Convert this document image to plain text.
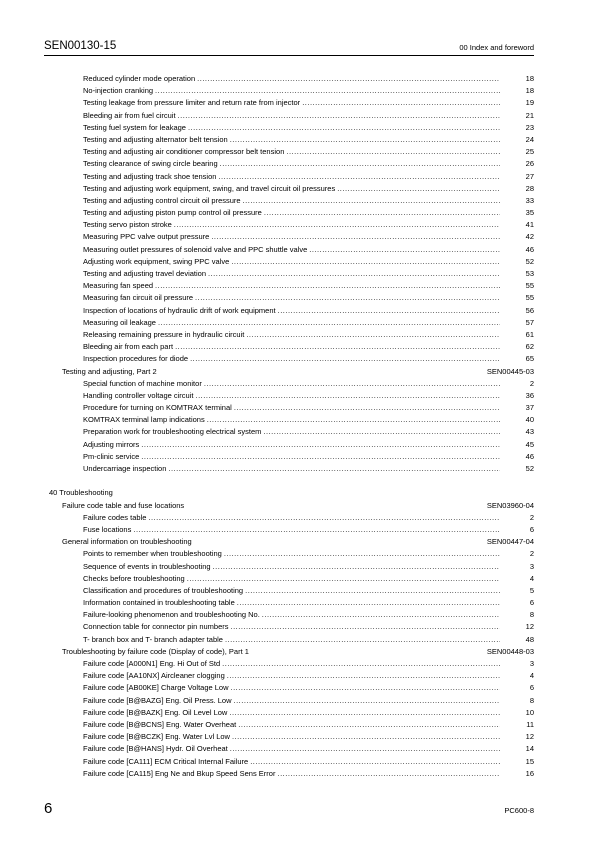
SEN00130-15	00 Index and foreword
Reduced cylinder mode operation .....	18
No-injection cranking .....	18
Testing leakage from pressure limiter and return rate from injector .....	19
Bleeding air from fuel circuit .....	21
Testing fuel system for leakage .....	23
Testing and adjusting alternator belt tension .....	24
Testing and adjusting air conditioner compressor belt tension .....	25
Testing clearance of swing circle bearing .....	26
Testing and adjusting track shoe tension .....	27
Testing and adjusting work equipment, swing, and travel circuit oil pressures .....	28
Testing and adjusting control circuit oil pressure .....	33
Testing and adjusting piston pump control oil pressure .....	35
Testing servo piston stroke .....	41
Measuring PPC valve output pressure .....	42
Measuring outlet pressures of solenoid valve and PPC shuttle valve .....	46
Adjusting work equipment, swing PPC valve .....	52
Testing and adjusting travel deviation .....	53
Measuring fan speed .....	55
Measuring fan circuit oil pressure .....	55
Inspection of locations of hydraulic drift of work equipment .....	56
Measuring oil leakage .....	57
Releasing remaining pressure in hydraulic circuit .....	61
Bleeding air from each part .....	62
Inspection procedures for diode .....	65
Testing and adjusting, Part 2	SEN00445-03
Special function of machine monitor .....	2
Handling controller voltage circuit .....	36
Procedure for turning on KOMTRAX terminal .....	37
KOMTRAX terminal lamp indications .....	40
Preparation work for troubleshooting electrical system .....	43
Adjusting mirrors .....	45
Pm-clinic service .....	46
Undercarriage inspection .....	52
40 Troubleshooting
Failure code table and fuse locations	SEN03960-04
Failure codes table .....	2
Fuse locations .....	6
General information on troubleshooting	SEN00447-04
Points to remember when troubleshooting .....	2
Sequence of events in troubleshooting .....	3
Checks before troubleshooting .....	4
Classification and procedures of troubleshooting .....	5
Information contained in troubleshooting table .....	6
Failure-looking phenomenon and troubleshooting No. .....	8
Connection table for connector pin numbers .....	12
T- branch box and T- branch adapter table .....	48
Troubleshooting by failure code (Display of code), Part 1	SEN00448-03
Failure code [A000N1] Eng. Hi Out of Std .....	3
Failure code [AA10NX] Aircleaner clogging .....	4
Failure code [AB00KE] Charge Voltage Low .....	6
Failure code [B@BAZG] Eng. Oil Press. Low .....	8
Failure code [B@BAZK] Eng. Oil Level Low .....	10
Failure code [B@BCNS] Eng. Water Overheat .....	11
Failure code [B@BCZK] Eng. Water Lvl Low .....	12
Failure code [B@HANS] Hydr. Oil Overheat .....	14
Failure code [CA111] ECM Critical Internal Failure .....	15
Failure code [CA115] Eng Ne and Bkup Speed Sens Error .....	16
6	PC600-8
